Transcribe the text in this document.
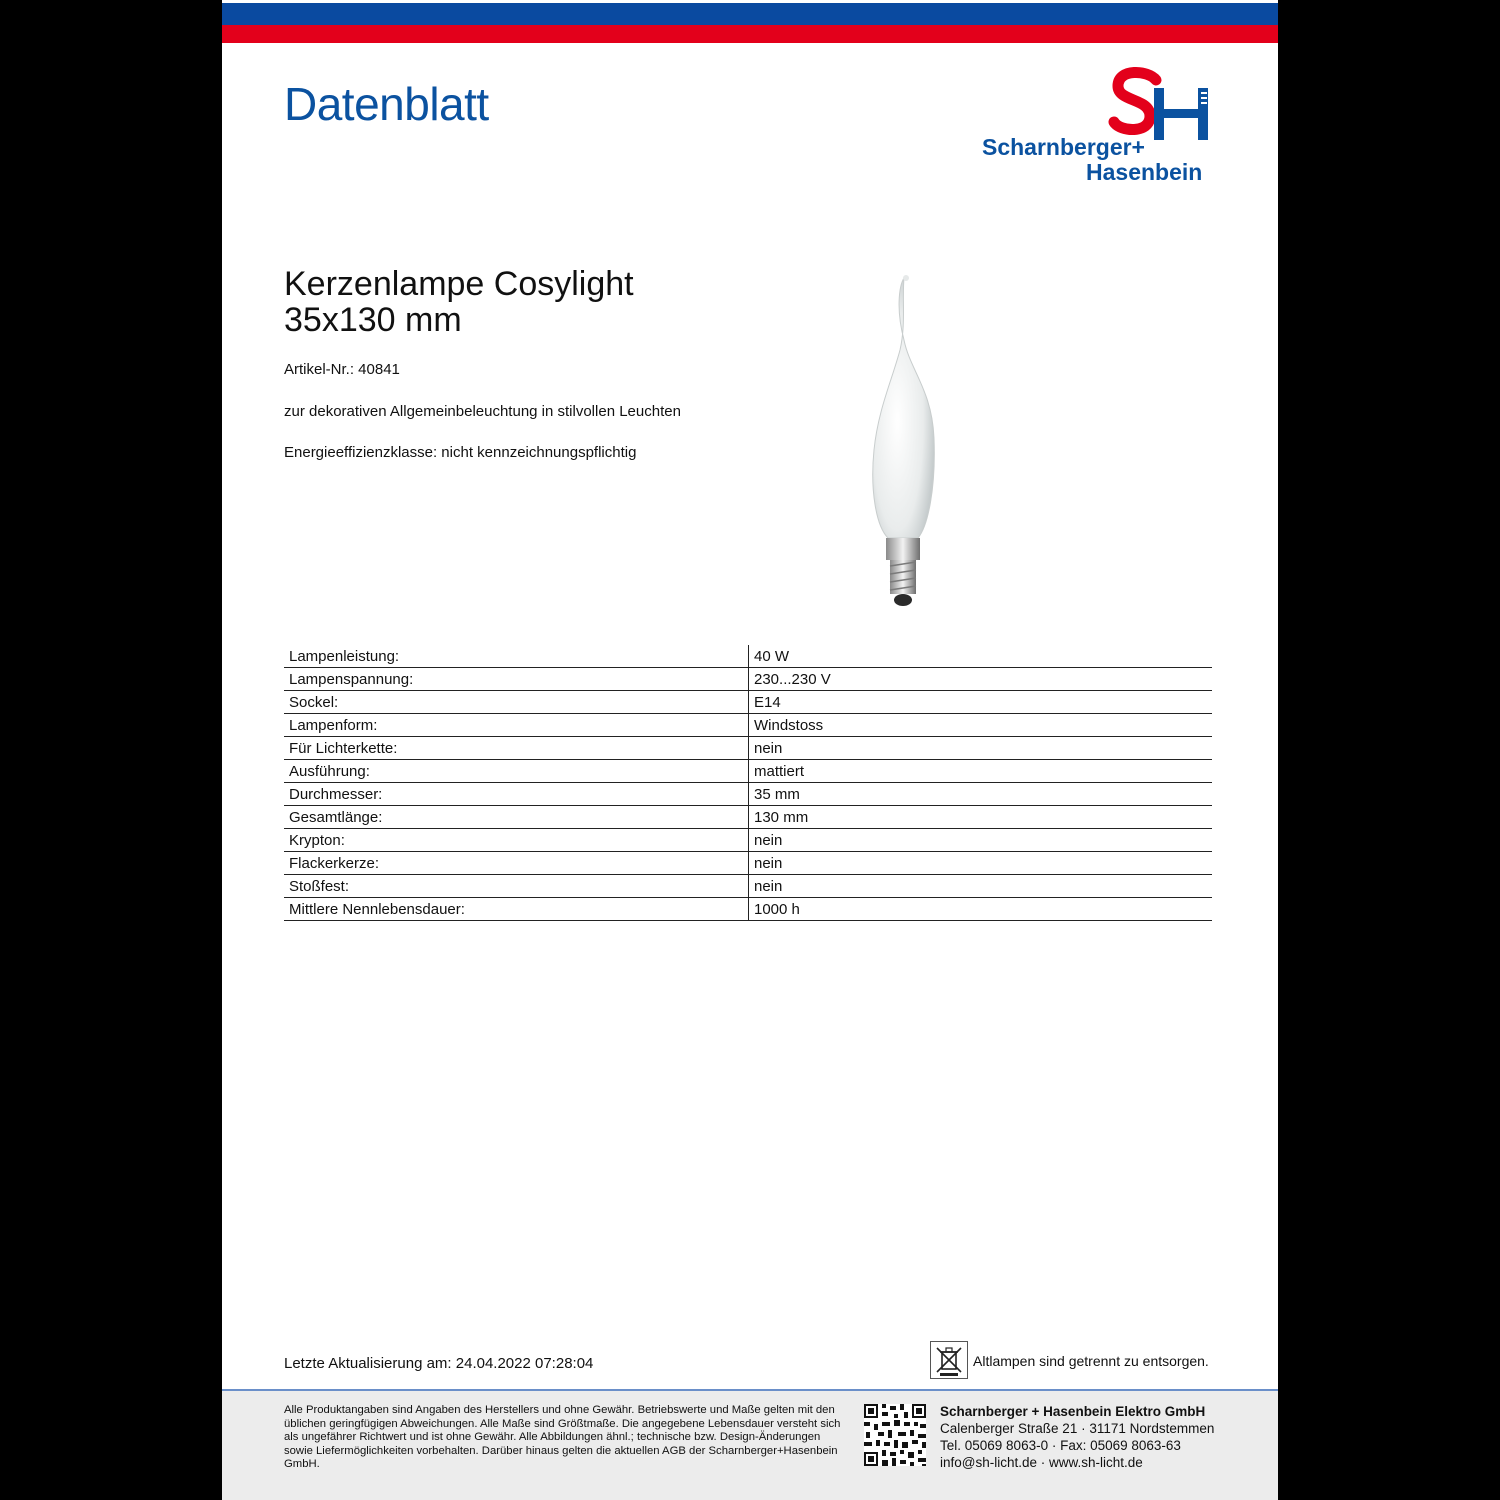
Datenblatt
Scharnberger+
Hasenbein
Kerzenlampe Cosylight
35x130 mm
Artikel-Nr.: 40841
zur dekorativen Allgemeinbeleuchtung in stilvollen Leuchten
Energieeffizienzklasse: nicht kennzeichnungspflichtig
Lampenleistung:	40 W
Lampenspannung:	230...230 V
Sockel:	E14
Lampenform:	Windstoss
Für Lichterkette:	nein
Ausführung:	mattiert
Durchmesser:	35 mm
Gesamtlänge:	130 mm
Krypton:	nein
Flackerkerze:	nein
Stoßfest:	nein
Mittlere Nennlebensdauer:	1000 h
Letzte Aktualisierung am: 24.04.2022 07:28:04	Altlampen sind getrennt zu entsorgen.
Alle Produktangaben sind Angaben des Herstellers und ohne Gewähr. Betriebswerte und Maße gelten mit den üblichen geringfügigen Abweichungen. Alle Maße sind Größtmaße. Die angegebene Lebensdauer versteht sich als ungefährer Richtwert und ist ohne Gewähr. Alle Abbildungen ähnl.; technische bzw. Design-Änderungen sowie Liefermöglichkeiten vorbehalten. Darüber hinaus gelten die aktuellen AGB der Scharnberger+Hasenbein GmbH.
Scharnberger + Hasenbein Elektro GmbH
Calenberger Straße 21 · 31171 Nordstemmen
Tel. 05069 8063-0 · Fax: 05069 8063-63
info@sh-licht.de · www.sh-licht.de
